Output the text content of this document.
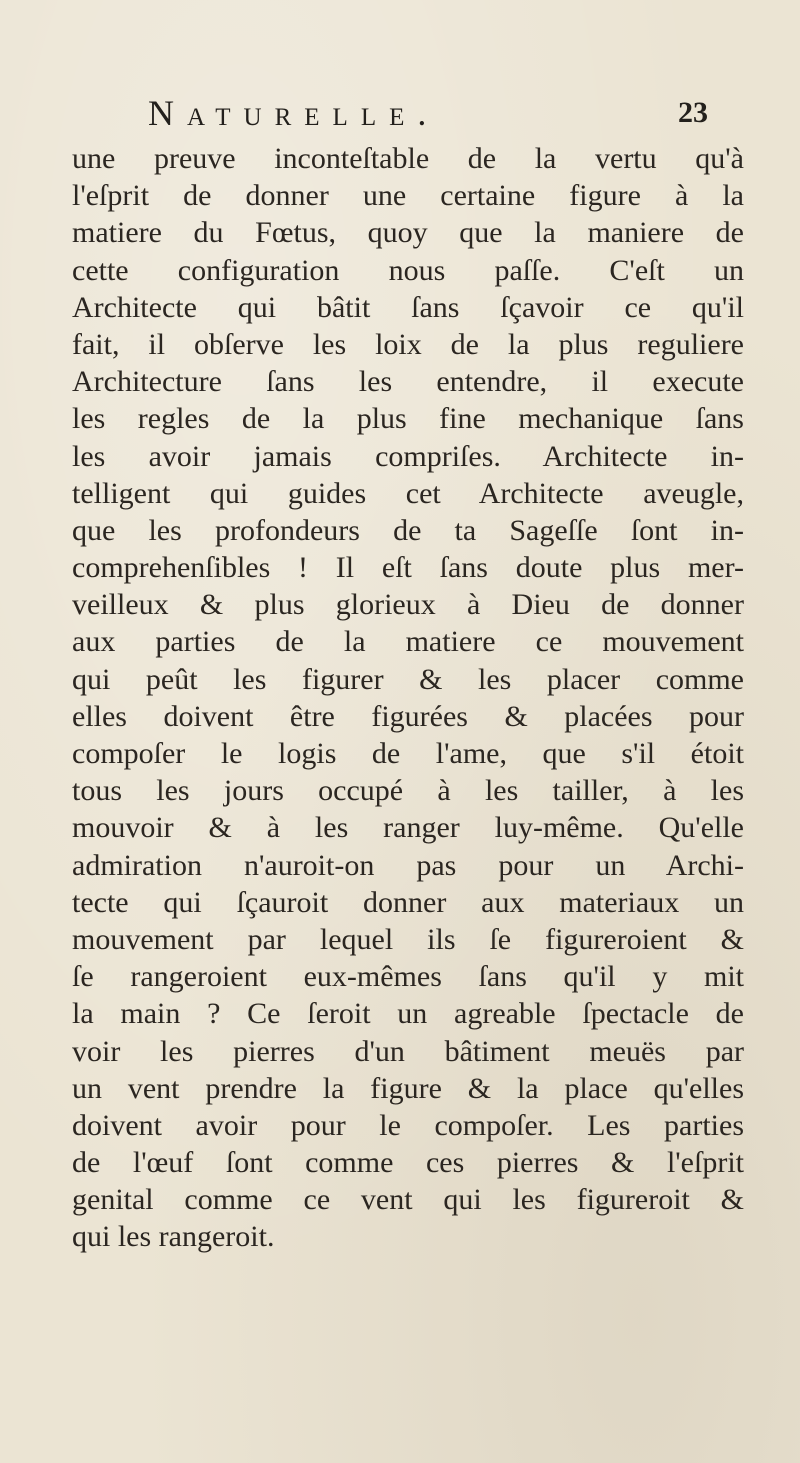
Naturelle.	23
une preuve inconteſtable de la vertu qu'à
l'eſprit de donner une certaine figure à la
matiere du Fœtus, quoy que la maniere de
cette configuration nous paſſe. C'eſt un
Architecte qui bâtit ſans ſçavoir ce qu'il
fait, il obſerve les loix de la plus reguliere
Architecture ſans les entendre, il execute
les regles de la plus fine mechanique ſans
les avoir jamais compriſes. Architecte in-
telligent qui guides cet Architecte aveugle,
que les profondeurs de ta Sageſſe ſont in-
comprehenſibles ! Il eſt ſans doute plus mer-
veilleux & plus glorieux à Dieu de donner
aux parties de la matiere ce mouvement
qui peût les figurer & les placer comme
elles doivent être figurées & placées pour
compoſer le logis de l'ame, que s'il étoit
tous les jours occupé à les tailler, à les
mouvoir & à les ranger luy-même. Qu'elle
admiration n'auroit-on pas pour un Archi-
tecte qui ſçauroit donner aux materiaux un
mouvement par lequel ils ſe figureroient &
ſe rangeroient eux-mêmes ſans qu'il y mit
la main ? Ce ſeroit un agreable ſpectacle de
voir les pierres d'un bâtiment meuës par
un vent prendre la figure & la place qu'elles
doivent avoir pour le compoſer. Les parties
de l'œuf ſont comme ces pierres & l'eſprit
genital comme ce vent qui les figureroit &
qui les rangeroit.
